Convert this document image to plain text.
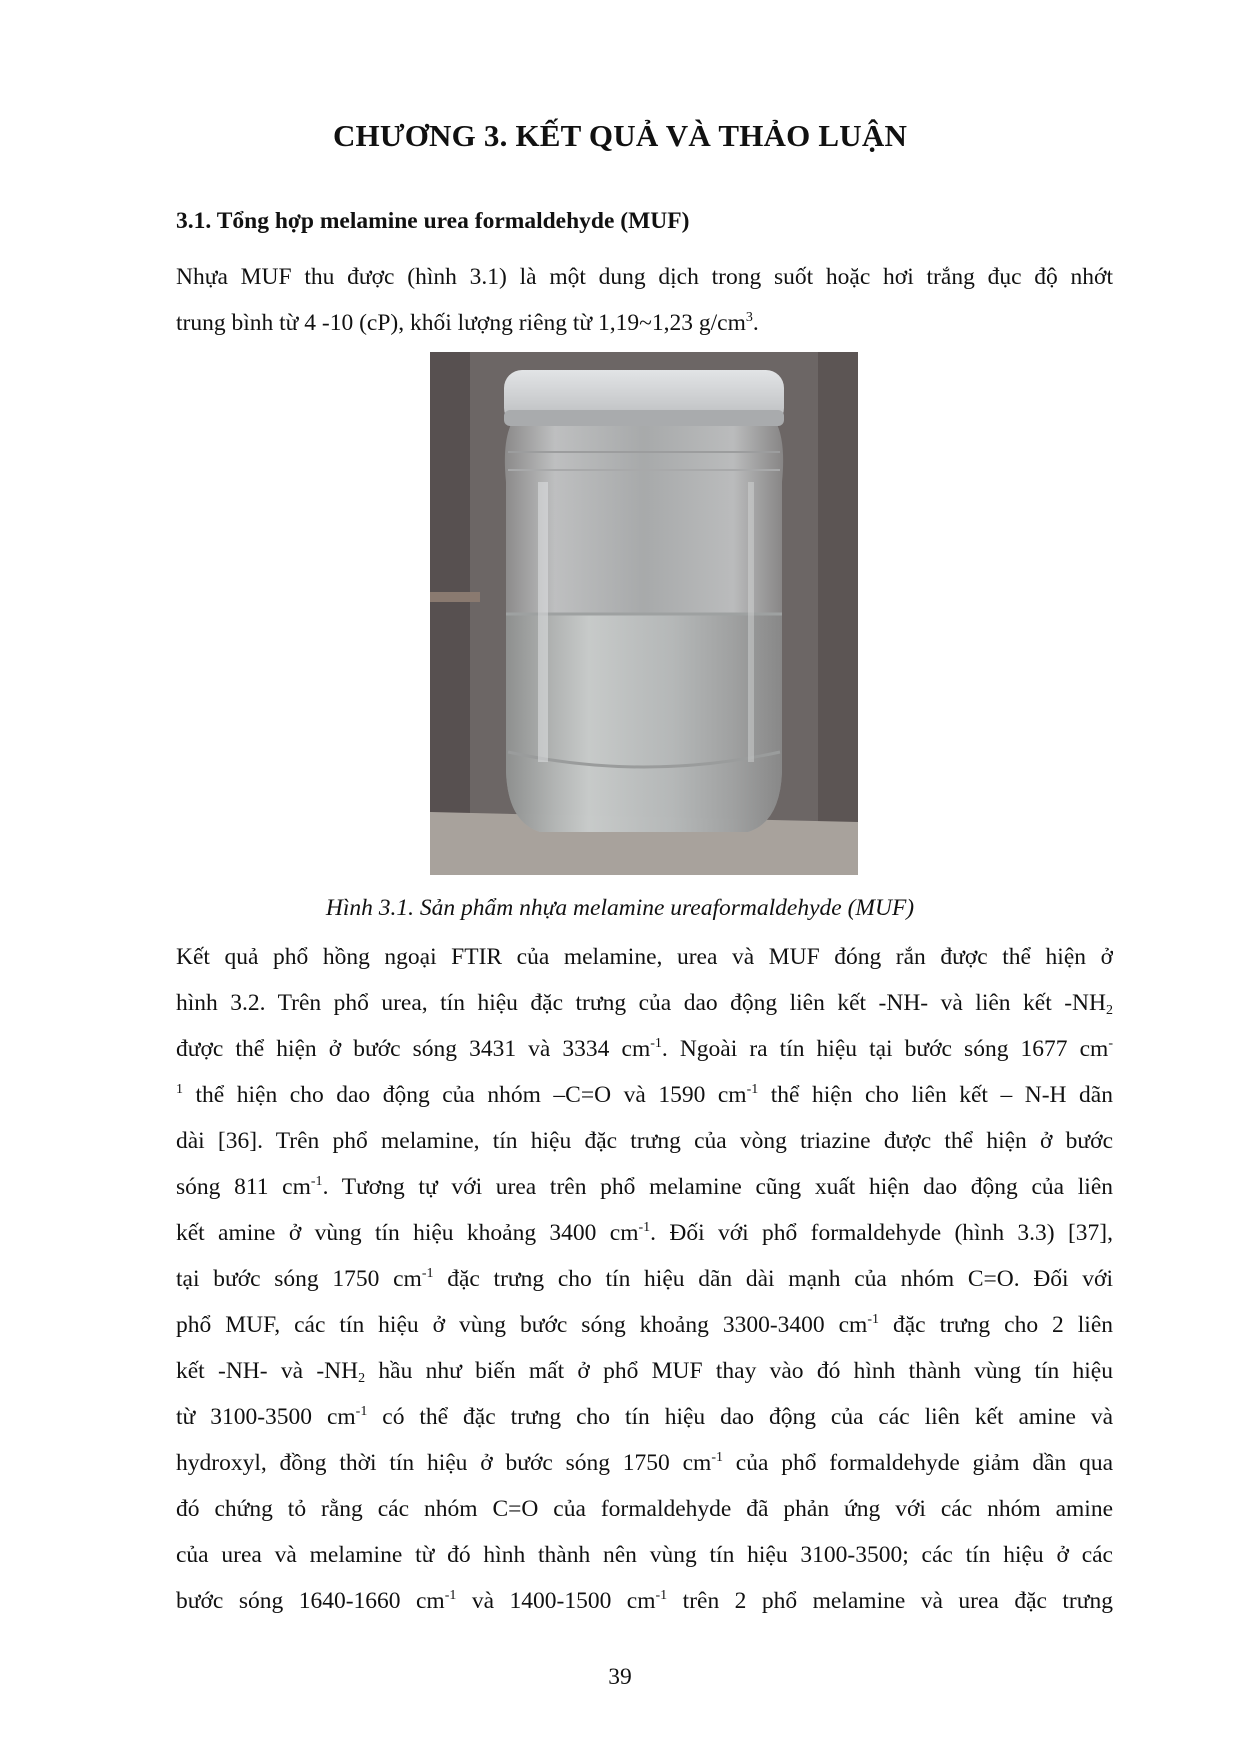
CHƯƠNG 3. KẾT QUẢ VÀ THẢO LUẬN
3.1. Tổng hợp melamine urea formaldehyde (MUF)
Nhựa MUF thu được (hình 3.1) là một dung dịch trong suốt hoặc hơi trắng đục độ nhớt
trung bình từ 4 -10 (cP), khối lượng riêng từ 1,19~1,23 $g/cm^3$.
Hình 3.1. Sản phẩm nhựa melamine ureaformaldehyde (MUF)
Kết quả phổ hồng ngoại FTIR của melamine, urea và MUF đóng rắn được thể hiện ở
hình 3.2. Trên phổ urea, tín hiệu đặc trưng của dao động liên kết -NH- và liên kết $-NH_2$
được thể hiện ở bước sóng 3431 và 3334 $cm^{-1}$. Ngoài ra tín hiệu tại bước sóng 1677 cm-
$^1$ thể hiện cho dao động của nhóm –C=O và 1590 $cm^{-1}$ thể hiện cho liên kết – N-H dãn
dài [36]. Trên phổ melamine, tín hiệu đặc trưng của vòng triazine được thể hiện ở bước
sóng 811 $cm^{-1}$. Tương tự với urea trên phổ melamine cũng xuất hiện dao động của liên
kết amine ở vùng tín hiệu khoảng 3400 $cm^{-1}$. Đối với phổ formaldehyde (hình 3.3) [37],
tại bước sóng 1750 $cm^{-1}$ đặc trưng cho tín hiệu dãn dài mạnh của nhóm C=O. Đối với
phổ MUF, các tín hiệu ở vùng bước sóng khoảng 3300-3400 $cm^{-1}$ đặc trưng cho 2 liên
kết -NH- và $-NH_2$ hầu như biến mất ở phổ MUF thay vào đó hình thành vùng tín hiệu
từ 3100-3500 $cm^{-1}$ có thể đặc trưng cho tín hiệu dao động của các liên kết amine và
hydroxyl, đồng thời tín hiệu ở bước sóng 1750 $cm^{-1}$ của phổ formaldehyde giảm dần qua
đó chứng tỏ rằng các nhóm C=O của formaldehyde đã phản ứng với các nhóm amine
của urea và melamine từ đó hình thành nên vùng tín hiệu 3100-3500; các tín hiệu ở các
bước sóng 1640-1660 $cm^{-1}$ và 1400-1500 $cm^{-1}$ trên 2 phổ melamine và urea đặc trưng
39
